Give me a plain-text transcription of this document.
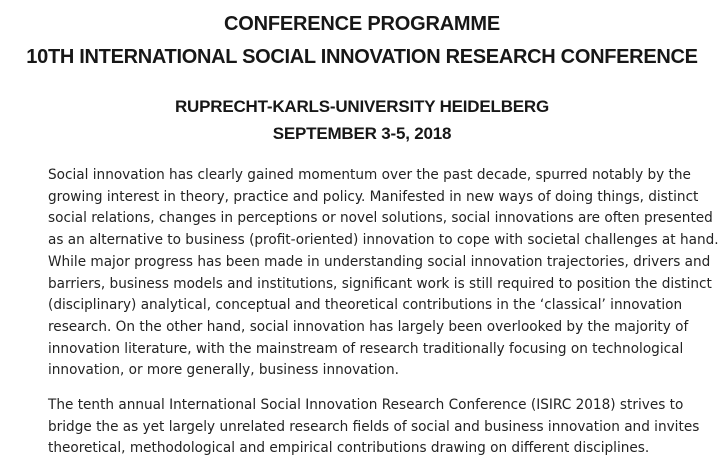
CONFERENCE PROGRAMME
10TH INTERNATIONAL SOCIAL INNOVATION RESEARCH CONFERENCE
RUPRECHT-KARLS-UNIVERSITY HEIDELBERG
SEPTEMBER 3-5, 2018
Social innovation has clearly gained momentum over the past decade, spurred notably by the
growing interest in theory, practice and policy. Manifested in new ways of doing things, distinct
social relations, changes in perceptions or novel solutions, social innovations are often presented
as an alternative to business (profit-oriented) innovation to cope with societal challenges at hand.
While major progress has been made in understanding social innovation trajectories, drivers and
barriers, business models and institutions, significant work is still required to position the distinct
(disciplinary) analytical, conceptual and theoretical contributions in the ‘classical’ innovation
research. On the other hand, social innovation has largely been overlooked by the majority of
innovation literature, with the mainstream of research traditionally focusing on technological
innovation, or more generally, business innovation.
The tenth annual International Social Innovation Research Conference (ISIRC 2018) strives to
bridge the as yet largely unrelated research fields of social and business innovation and invites
theoretical, methodological and empirical contributions drawing on different disciplines.
